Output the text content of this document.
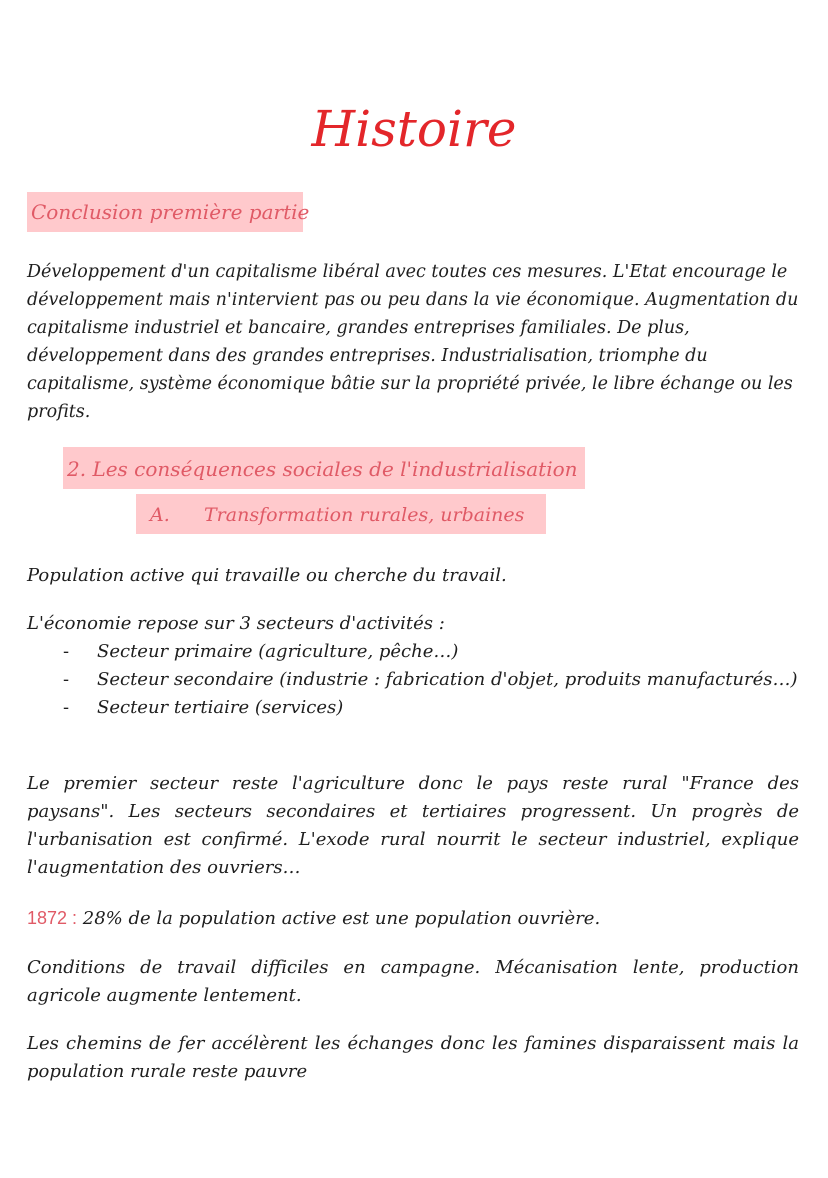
Histoire
Conclusion première partie

Développement d'un capitalisme libéral avec toutes ces mesures. L'Etat encourage le développement mais n'intervient pas ou peu dans la vie économique. Augmentation du capitalisme industriel et bancaire, grandes entreprises familiales. De plus, développement dans des grandes entreprises. Industrialisation, triomphe du capitalisme, système économique bâtie sur la propriété privée, le libre échange ou les profits.

2. Les conséquences sociales de l'industrialisation
A. Transformation rurales, urbaines

Population active qui travaille ou cherche du travail.

L'économie repose sur 3 secteurs d'activités :
- Secteur primaire (agriculture, pêche…)
- Secteur secondaire (industrie : fabrication d'objet, produits manufacturés…)
- Secteur tertiaire (services)

Le premier secteur reste l'agriculture donc le pays reste rural "France des paysans". Les secteurs secondaires et tertiaires progressent. Un progrès de l'urbanisation est confirmé. L'exode rural nourrit le secteur industriel, explique l'augmentation des ouvriers…

1872 : 28% de la population active est une population ouvrière.

Conditions de travail difficiles en campagne. Mécanisation lente, production agricole augmente lentement.

Les chemins de fer accélèrent les échanges donc les famines disparaissent mais la population rurale reste pauvre
